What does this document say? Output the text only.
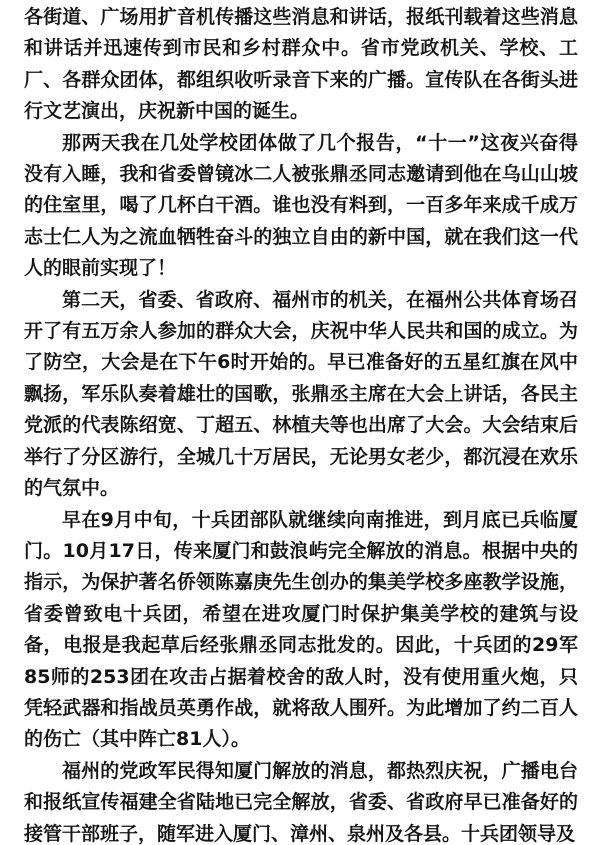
各街道、广场用扩音机传播这些消息和讲话，报纸刊载着这些消息和讲话并迅速传到市民和乡村群众中。省市党政机关、学校、工厂、各群众团体，都组织收听录音下来的广播。宣传队在各街头进行文艺演出，庆祝新中国的诞生。

那两天我在几处学校团体做了几个报告，“十一”这夜兴奋得没有入睡，我和省委曾镜冰二人被张鼎丞同志邀请到他在乌山山坡的住室里，喝了几杯白干酒。谁也没有料到，一百多年来成千成万志士仁人为之流血牺牲奋斗的独立自由的新中国，就在我们这一代人的眼前实现了！

第二天，省委、省政府、福州市的机关，在福州公共体育场召开了有五万余人参加的群众大会，庆祝中华人民共和国的成立。为了防空，大会是在下午6时开始的。早已准备好的五星红旗在风中飘扬，军乐队奏着雄壮的国歌，张鼎丞主席在大会上讲话，各民主党派的代表陈绍宽、丁超五、林植夫等也出席了大会。大会结束后举行了分区游行，全城几十万居民，无论男女老少，都沉浸在欢乐的气氛中。

早在9月中旬，十兵团部队就继续向南推进，到月底已兵临厦门。10月17日，传来厦门和鼓浪屿完全解放的消息。根据中央的指示，为保护著名侨领陈嘉庚先生创办的集美学校多座教学设施，省委曾致电十兵团，希望在进攻厦门时保护集美学校的建筑与设备，电报是我起草后经张鼎丞同志批发的。因此，十兵团的29军85师的253团在攻击占据着校舍的敌人时，没有使用重火炮，只凭轻武器和指战员英勇作战，就将敌人围歼。为此增加了约二百人的伤亡（其中阵亡81人）。

福州的党政军民得知厦门解放的消息，都热烈庆祝，广播电台和报纸宣传福建全省陆地已完全解放，省委、省政府早已准备好的接管干部班子，随军进入厦门、漳州、泉州及各县。十兵团领导及
